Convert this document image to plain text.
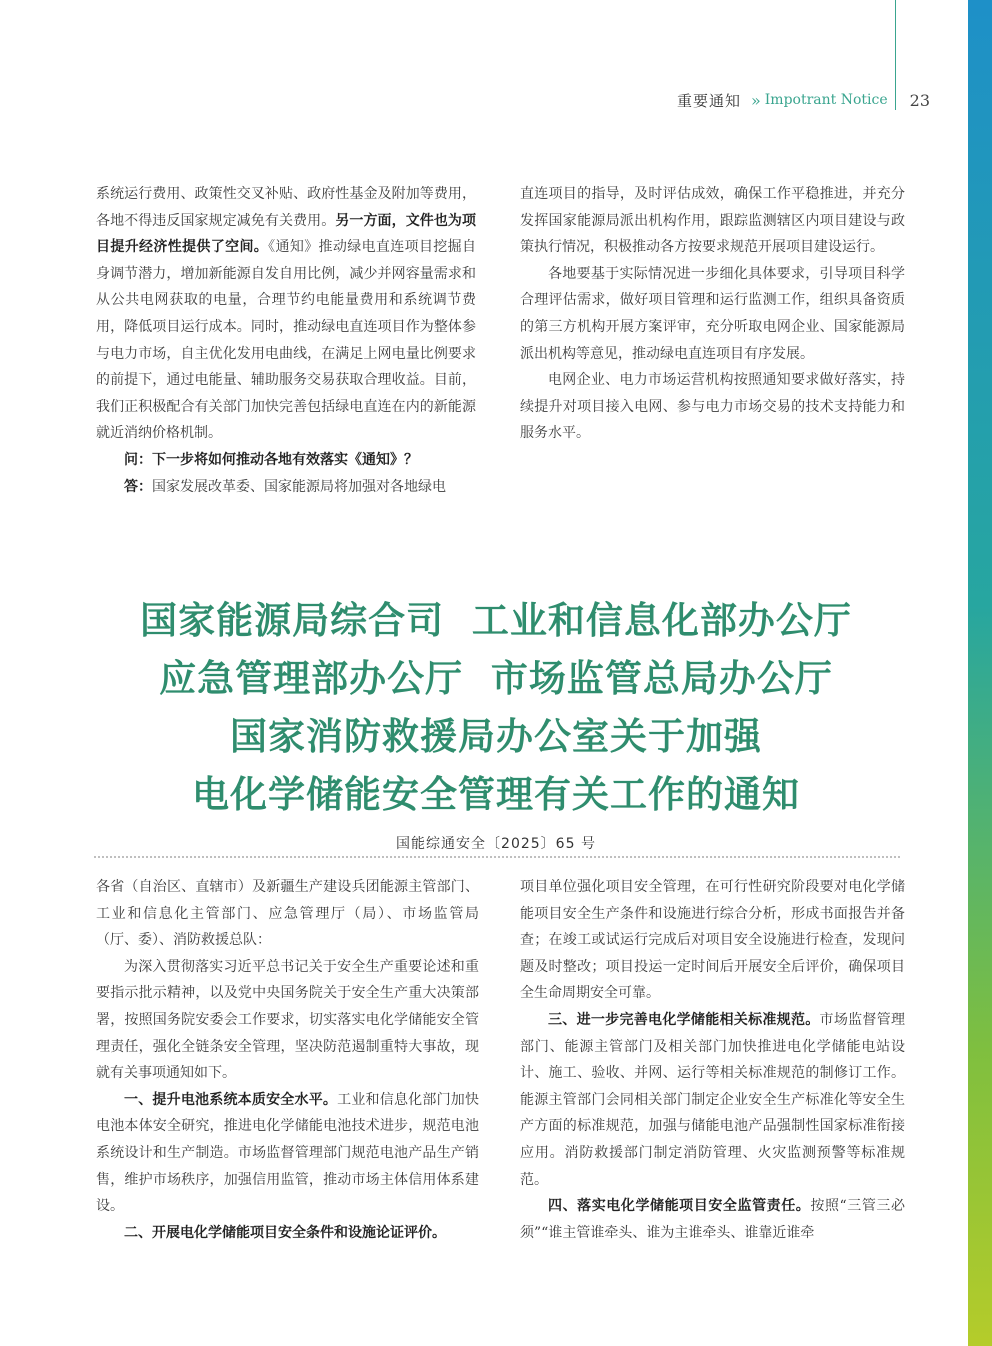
重要通知 » Impotrant Notice 23

系统运行费用、政策性交叉补贴、政府性基金及附加等费用，各地不得违反国家规定减免有关费用。另一方面，文件也为项目提升经济性提供了空间。《通知》推动绿电直连项目挖掘自身调节潜力，增加新能源自发自用比例，减少并网容量需求和从公共电网获取的电量，合理节约电能量费用和系统调节费用，降低项目运行成本。同时，推动绿电直连项目作为整体参与电力市场，自主优化发用电曲线，在满足上网电量比例要求的前提下，通过电能量、辅助服务交易获取合理收益。目前，我们正积极配合有关部门加快完善包括绿电直连在内的新能源就近消纳价格机制。

问：下一步将如何推动各地有效落实《通知》？

答：国家发展改革委、国家能源局将加强对各地绿电

直连项目的指导，及时评估成效，确保工作平稳推进，并充分发挥国家能源局派出机构作用，跟踪监测辖区内项目建设与政策执行情况，积极推动各方按要求规范开展项目建设运行。

各地要基于实际情况进一步细化具体要求，引导项目科学合理评估需求，做好项目管理和运行监测工作，组织具备资质的第三方机构开展方案评审，充分听取电网企业、国家能源局派出机构等意见，推动绿电直连项目有序发展。

电网企业、电力市场运营机构按照通知要求做好落实，持续提升对项目接入电网、参与电力市场交易的技术支持能力和服务水平。

国家能源局综合司  工业和信息化部办公厅
应急管理部办公厅  市场监管总局办公厅
国家消防救援局办公室关于加强
电化学储能安全管理有关工作的通知
国能综通安全〔2025〕65 号

各省（自治区、直辖市）及新疆生产建设兵团能源主管部门、工业和信息化主管部门、应急管理厅（局）、市场监管局（厅、委）、消防救援总队：

为深入贯彻落实习近平总书记关于安全生产重要论述和重要指示批示精神，以及党中央国务院关于安全生产重大决策部署，按照国务院安委会工作要求，切实落实电化学储能安全管理责任，强化全链条安全管理，坚决防范遏制重特大事故，现就有关事项通知如下。

一、提升电池系统本质安全水平。工业和信息化部门加快电池本体安全研究，推进电化学储能电池技术进步，规范电池系统设计和生产制造。市场监督管理部门规范电池产品生产销售，维护市场秩序，加强信用监管，推动市场主体信用体系建设。

二、开展电化学储能项目安全条件和设施论证评价。

项目单位强化项目安全管理，在可行性研究阶段要对电化学储能项目安全生产条件和设施进行综合分析，形成书面报告并备查；在竣工或试运行完成后对项目安全设施进行检查，发现问题及时整改；项目投运一定时间后开展安全后评价，确保项目全生命周期安全可靠。

三、进一步完善电化学储能相关标准规范。市场监督管理部门、能源主管部门及相关部门加快推进电化学储能电站设计、施工、验收、并网、运行等相关标准规范的制修订工作。能源主管部门会同相关部门制定企业安全生产标准化等安全生产方面的标准规范，加强与储能电池产品强制性国家标准衔接应用。消防救援部门制定消防管理、火灾监测预警等标准规范。

四、落实电化学储能项目安全监管责任。按照“三管三必须”“谁主管谁牵头、谁为主谁牵头、谁靠近谁牵
